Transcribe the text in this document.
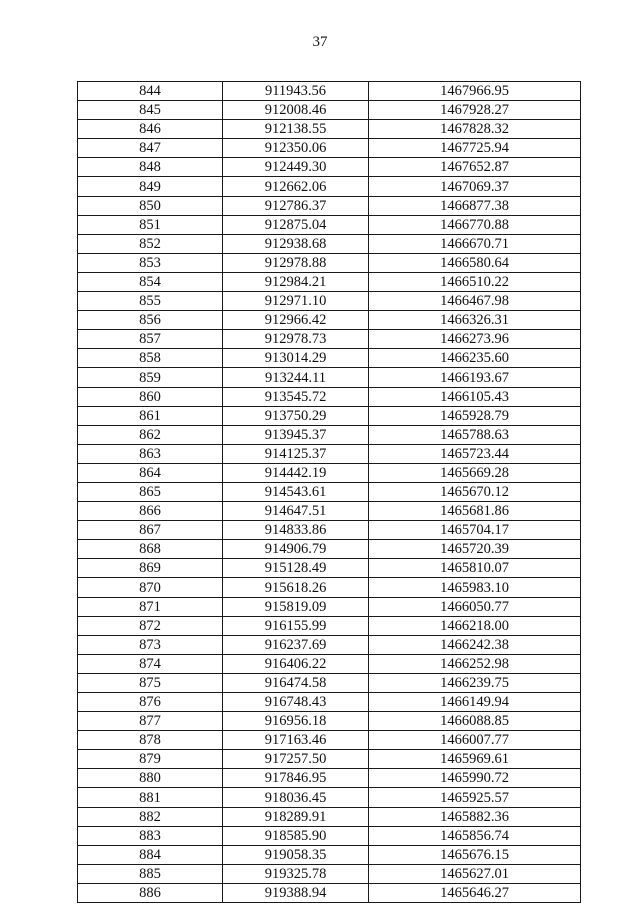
37
844	911943.56	1467966.95
845	912008.46	1467928.27
846	912138.55	1467828.32
847	912350.06	1467725.94
848	912449.30	1467652.87
849	912662.06	1467069.37
850	912786.37	1466877.38
851	912875.04	1466770.88
852	912938.68	1466670.71
853	912978.88	1466580.64
854	912984.21	1466510.22
855	912971.10	1466467.98
856	912966.42	1466326.31
857	912978.73	1466273.96
858	913014.29	1466235.60
859	913244.11	1466193.67
860	913545.72	1466105.43
861	913750.29	1465928.79
862	913945.37	1465788.63
863	914125.37	1465723.44
864	914442.19	1465669.28
865	914543.61	1465670.12
866	914647.51	1465681.86
867	914833.86	1465704.17
868	914906.79	1465720.39
869	915128.49	1465810.07
870	915618.26	1465983.10
871	915819.09	1466050.77
872	916155.99	1466218.00
873	916237.69	1466242.38
874	916406.22	1466252.98
875	916474.58	1466239.75
876	916748.43	1466149.94
877	916956.18	1466088.85
878	917163.46	1466007.77
879	917257.50	1465969.61
880	917846.95	1465990.72
881	918036.45	1465925.57
882	918289.91	1465882.36
883	918585.90	1465856.74
884	919058.35	1465676.15
885	919325.78	1465627.01
886	919388.94	1465646.27
